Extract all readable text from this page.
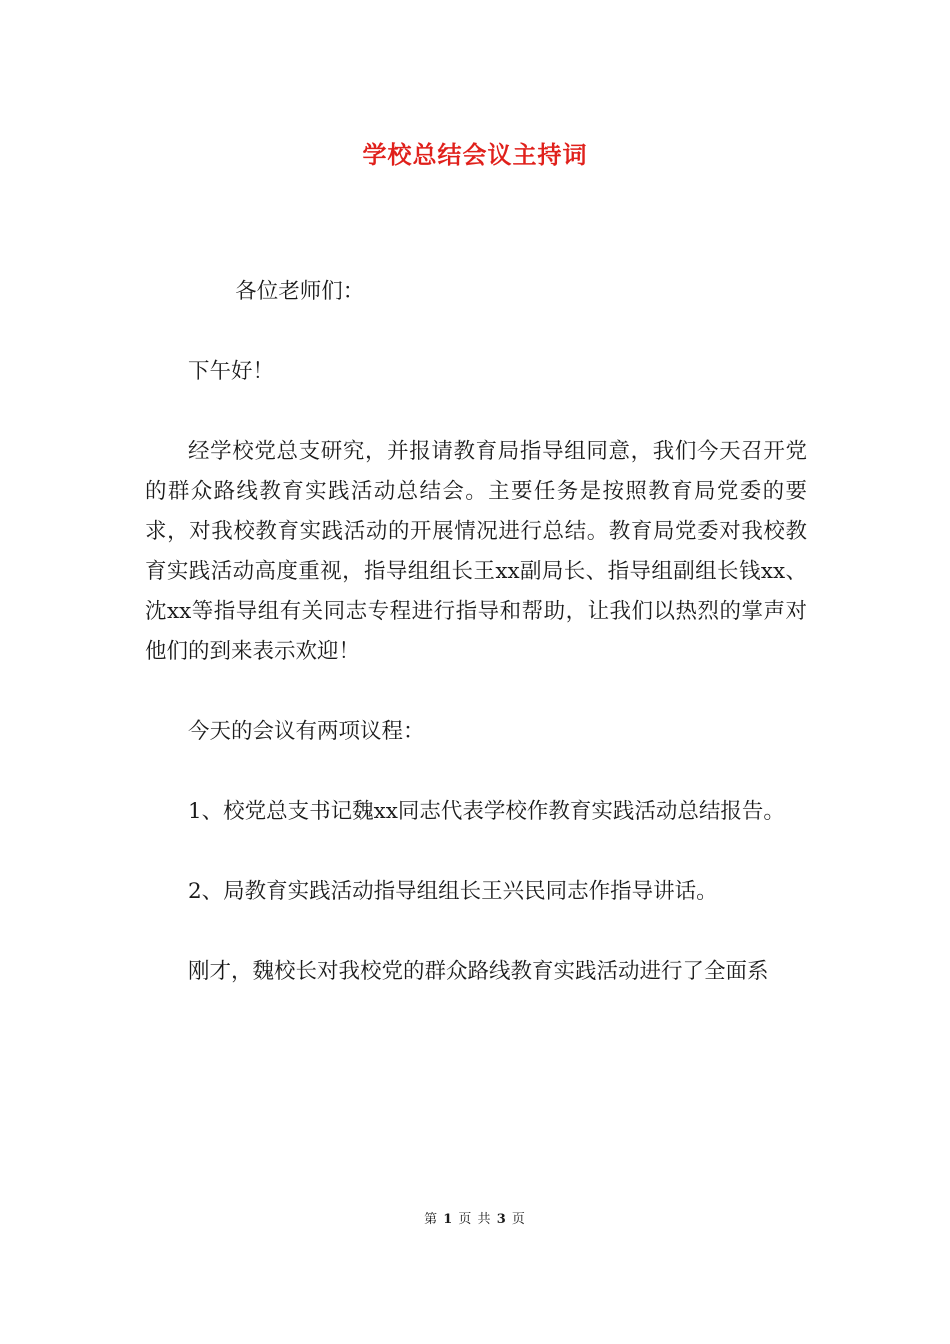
学校总结会议主持词

各位老师们：

下午好！

经学校党总支研究，并报请教育局指导组同意，我们今天召开党的群众路线教育实践活动总结会。主要任务是按照教育局党委的要求，对我校教育实践活动的开展情况进行总结。教育局党委对我校教育实践活动高度重视，指导组组长王xx副局长、指导组副组长钱xx、沈xx等指导组有关同志专程进行指导和帮助，让我们以热烈的掌声对他们的到来表示欢迎！

今天的会议有两项议程：

1、校党总支书记魏xx同志代表学校作教育实践活动总结报告。

2、局教育实践活动指导组组长王兴民同志作指导讲话。

刚才，魏校长对我校党的群众路线教育实践活动进行了全面系

第 1 页 共 3 页
